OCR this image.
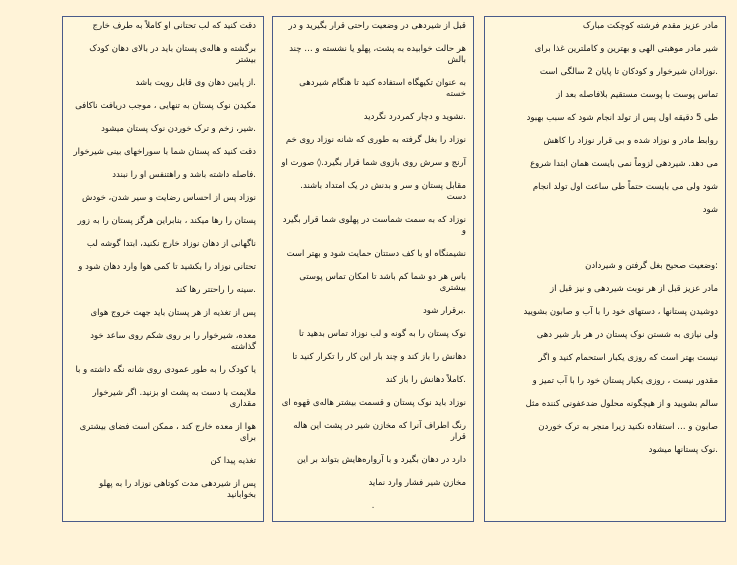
مادر عزیز مقدم فرشته کوچکت مبارک

شیر مادر موهبتی الهی و بهترین و کاملترین غذا برای

.نوزادان شیرخوار و کودکان تا پایان 2 سالگی است

تماس پوست با پوست مستقیم بلافاصله بعد از

طی 5 دقیقه اول پس از تولد انجام شود که سبب بهبود

روابط مادر و نوزاد شده و بی قرار نوزاد را کاهش

می دهد. شیردهی لزوماً نمی بایست همان ابتدا شروع

شود ولی می بایست حتماً طی ساعت اول تولد انجام

شود

:وضعیت صحیح بغل گرفتن و شیردادن

مادر عزیز قبل از هر نوبت شیردهی و نیز قبل از

دوشیدن پستانها ، دستهای خود را با آب و صابون بشویید

ولی نیازی به شستن نوک پستان در هر بار شیر دهی

نیست بهتر است که روزی یکبار استحمام کنید و اگر

مقدور نیست ، روزی یکبار پستان خود را با آب تمیز و

سالم بشویید و از هیچگونه محلول ضدعفونی کننده مثل

صابون و … استفاده نکنید زیرا منجر به ترک خوردن

.نوک پستانها میشود

قبل از شیردهی در وضعیت راحتی قرار بگیرید و در

هر حالت خوابیده به پشت، پهلو یا نشسته و … چند بالش

به عنوان تکیهگاه استفاده کنید تا هنگام شیردهی خسته

.نشوید و دچار کمردرد نگردید

نوزاد را بغل گرفته به طوری که شانه نوزاد روی خم

آرنج و سرش روی بازوی شما قرار بگیرد.◊ صورت او

مقابل پستان و سر و بدنش در یک امتداد باشند. دست

نوزاد که به سمت شماست در پهلوی شما قرار بگیرد و

نشیمنگاه او با کف دستتان حمایت شود و بهتر است

باس هر دو شما کم باشد تا امکان تماس پوستی بیشتری

.برقرار شود

نوک پستان را به گونه و لب نوزاد تماس بدهید تا

دهانش را باز کند و چند بار این کار را تکرار کنید تا

.کاملاً دهانش را باز کند

نوزاد باید نوک پستان و قسمت بیشتر هاله‌ی قهوه ای

رنگ اطراف آنرا که مخازن شیر در پشت این هاله قرار

دارد در دهان بگیرد و با آرواره‌هایش بتواند بر این

مخازن شیر فشار وارد نماید

.

دقت کنید که لب تحتانی او کاملاً به طرف خارج

برگشته و هاله‌ی پستان باید در بالای دهان کودک بیشتر

.از پایین دهان وی قابل رویت باشد

مکیدن نوک پستان به تنهایی ، موجب دریافت ناکافی

.شیر، زخم و ترک خوردن نوک پستان میشود

دقت کنید که پستان شما با سوراخهای بینی شیرخوار

.فاصله داشته باشد و راهتنفس او را نبندد

نوزاد پس از احساس رضایت و سیر شدن، خودش

پستان را رها میکند ، بنابراین هرگز پستان را به زور

ناگهانی از دهان نوزاد خارج نکنید، ابتدا گوشه لب

تحتانی نوزاد را بکشید تا کمی هوا وارد دهان شود و

.سینه را راحتتر رها کند

پس از تغذیه از هر پستان باید جهت خروج هوای

معده، شیرخوار را بر روی شکم روی ساعد خود گذاشته

یا کودک را به طور عمودی روی شانه نگه داشته و با

ملایمت با دست به پشت او بزنید. اگر شیرخوار مقداری

هوا از معده خارج کند ، ممکن است فضای بیشتری برای

تغذیه پیدا کن

پس از شیردهی مدت کوتاهی نوزاد را به پهلو بخوابانید
